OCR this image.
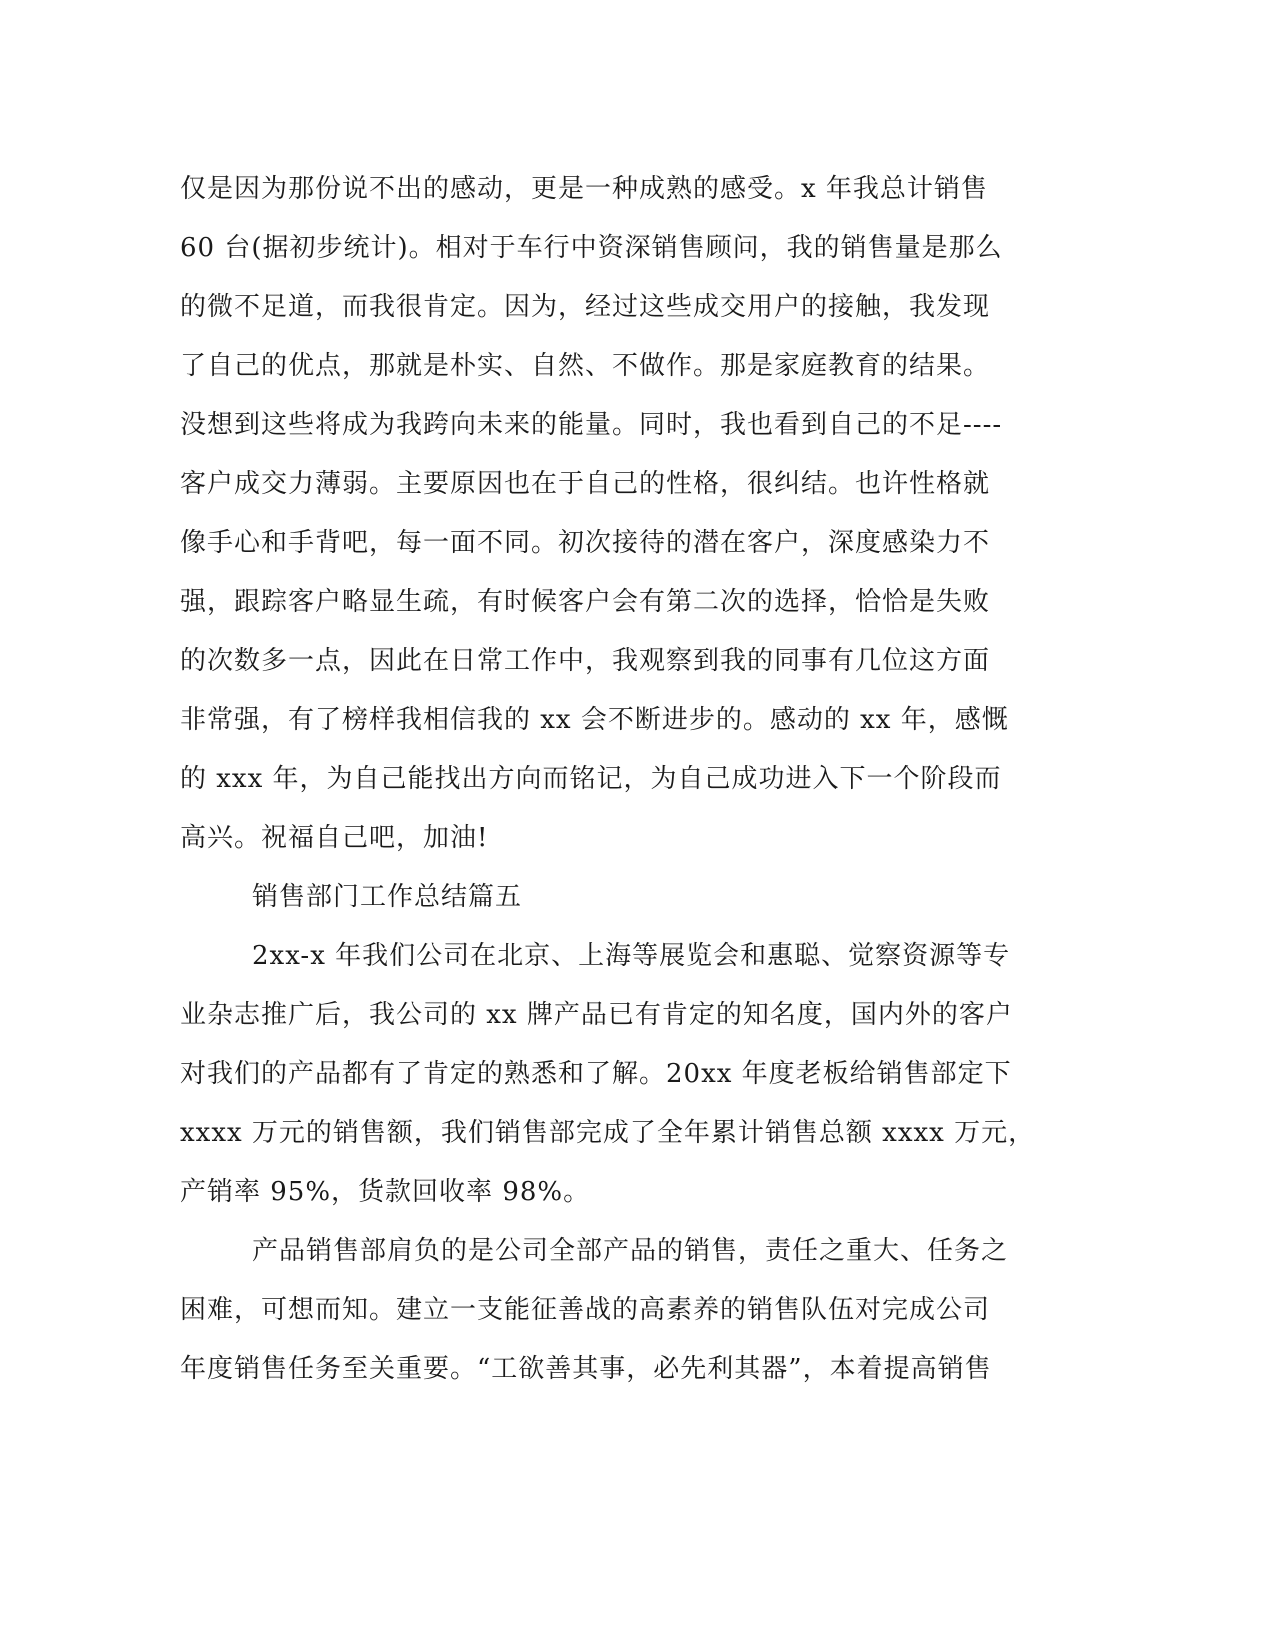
仅是因为那份说不出的感动，更是一种成熟的感受。x 年我总计销售
60 台(据初步统计)。相对于车行中资深销售顾问，我的销售量是那么
的微不足道，而我很肯定。因为，经过这些成交用户的接触，我发现
了自己的优点，那就是朴实、自然、不做作。那是家庭教育的结果。
没想到这些将成为我跨向未来的能量。同时，我也看到自己的不足----
客户成交力薄弱。主要原因也在于自己的性格，很纠结。也许性格就
像手心和手背吧，每一面不同。初次接待的潜在客户，深度感染力不
强，跟踪客户略显生疏，有时候客户会有第二次的选择，恰恰是失败
的次数多一点，因此在日常工作中，我观察到我的同事有几位这方面
非常强，有了榜样我相信我的 xx 会不断进步的。感动的 xx 年，感慨
的 xxx 年，为自己能找出方向而铭记，为自己成功进入下一个阶段而
高兴。祝福自己吧，加油!
销售部门工作总结篇五
2xx-x 年我们公司在北京、上海等展览会和惠聪、觉察资源等专
业杂志推广后，我公司的 xx 牌产品已有肯定的知名度，国内外的客户
对我们的产品都有了肯定的熟悉和了解。20xx 年度老板给销售部定下
xxxx 万元的销售额，我们销售部完成了全年累计销售总额 xxxx 万元，
产销率 95%，货款回收率 98%。
产品销售部肩负的是公司全部产品的销售，责任之重大、任务之
困难，可想而知。建立一支能征善战的高素养的销售队伍对完成公司
年度销售任务至关重要。“工欲善其事，必先利其器”，本着提高销售
